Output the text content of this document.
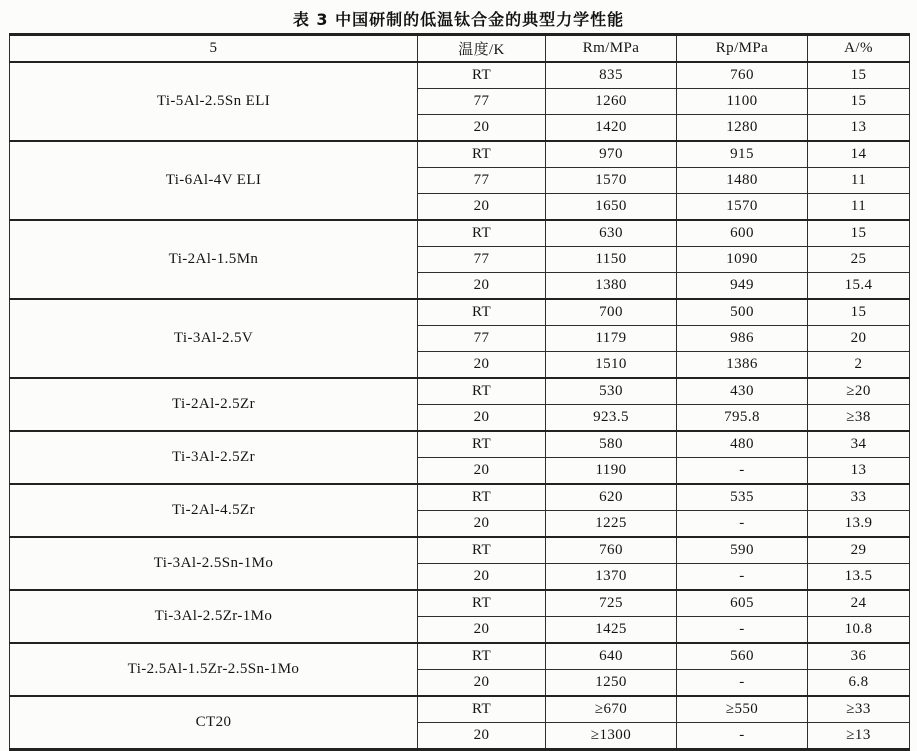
表 3 中国研制的低温钛合金的典型力学性能
5	温度/K	Rm/MPa	Rp/MPa	A/%
Ti-5Al-2.5Sn ELI	RT	835	760	15
	77	1260	1100	15
	20	1420	1280	13
Ti-6Al-4V ELI	RT	970	915	14
	77	1570	1480	11
	20	1650	1570	11
Ti-2Al-1.5Mn	RT	630	600	15
	77	1150	1090	25
	20	1380	949	15.4
Ti-3Al-2.5V	RT	700	500	15
	77	1179	986	20
	20	1510	1386	2
Ti-2Al-2.5Zr	RT	530	430	≥20
	20	923.5	795.8	≥38
Ti-3Al-2.5Zr	RT	580	480	34
	20	1190	-	13
Ti-2Al-4.5Zr	RT	620	535	33
	20	1225	-	13.9
Ti-3Al-2.5Sn-1Mo	RT	760	590	29
	20	1370	-	13.5
Ti-3Al-2.5Zr-1Mo	RT	725	605	24
	20	1425	-	10.8
Ti-2.5Al-1.5Zr-2.5Sn-1Mo	RT	640	560	36
	20	1250	-	6.8
CT20	RT	≥670	≥550	≥33
	20	≥1300	-	≥13
